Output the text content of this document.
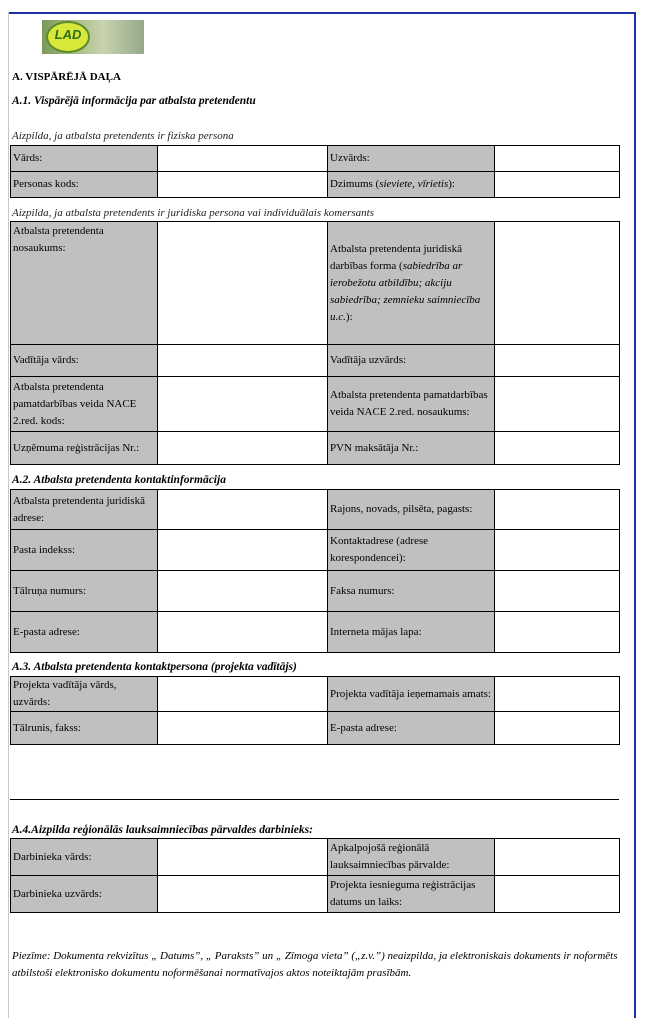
LAD
A. VISPĀRĒJĀ DAĻA
A.1. Vispārējā informācija par atbalsta pretendentu
Aizpilda, ja atbalsta pretendents ir fiziska persona
Vārds:		Uzvārds:	
Personas kods:		Dzimums (sieviete, vīrietis):	
Aizpilda, ja atbalsta pretendents ir juridiska persona vai individuālais komersants
Atbalsta pretendenta nosaukums:		Atbalsta pretendenta juridiskā darbības forma (sabiedrība ar ierobežotu atbildību; akciju sabiedrība; zemnieku saimniecība u.c.):	
Vadītāja vārds:		Vadītāja uzvārds:	
Atbalsta pretendenta pamatdarbības veida NACE 2.red. kods:		Atbalsta pretendenta pamatdarbības veida NACE 2.red. nosaukums:	
Uzņēmuma reģistrācijas Nr.:		PVN maksātāja Nr.:	
A.2. Atbalsta pretendenta kontaktinformācija
Atbalsta pretendenta juridiskā adrese:		Rajons, novads, pilsēta, pagasts:	
Pasta indekss:		Kontaktadrese (adrese korespondencei):	
Tālruņa numurs:		Faksa numurs:	
E-pasta adrese:		Interneta mājas lapa:	
A.3. Atbalsta pretendenta kontaktpersona (projekta vadītājs)
Projekta vadītāja vārds, uzvārds:		Projekta vadītāja ieņemamais amats:	
Tālrunis, fakss:		E-pasta adrese:	
A.4.Aizpilda reģionālās lauksaimniecības pārvaldes darbinieks:
Darbinieka vārds:		Apkalpojošā reģionālā lauksaimniecības pārvalde:	
Darbinieka uzvārds:		Projekta iesnieguma reģistrācijas datums un laiks:	
Piezīme: Dokumenta rekvizītus „ Datums”, „ Paraksts” un „ Zīmoga vieta” („z.v.”) neaizpilda, ja elektroniskais dokuments ir noformēts atbilstoši elektronisko dokumentu noformēšanai normatīvajos aktos noteiktajām prasībām.
